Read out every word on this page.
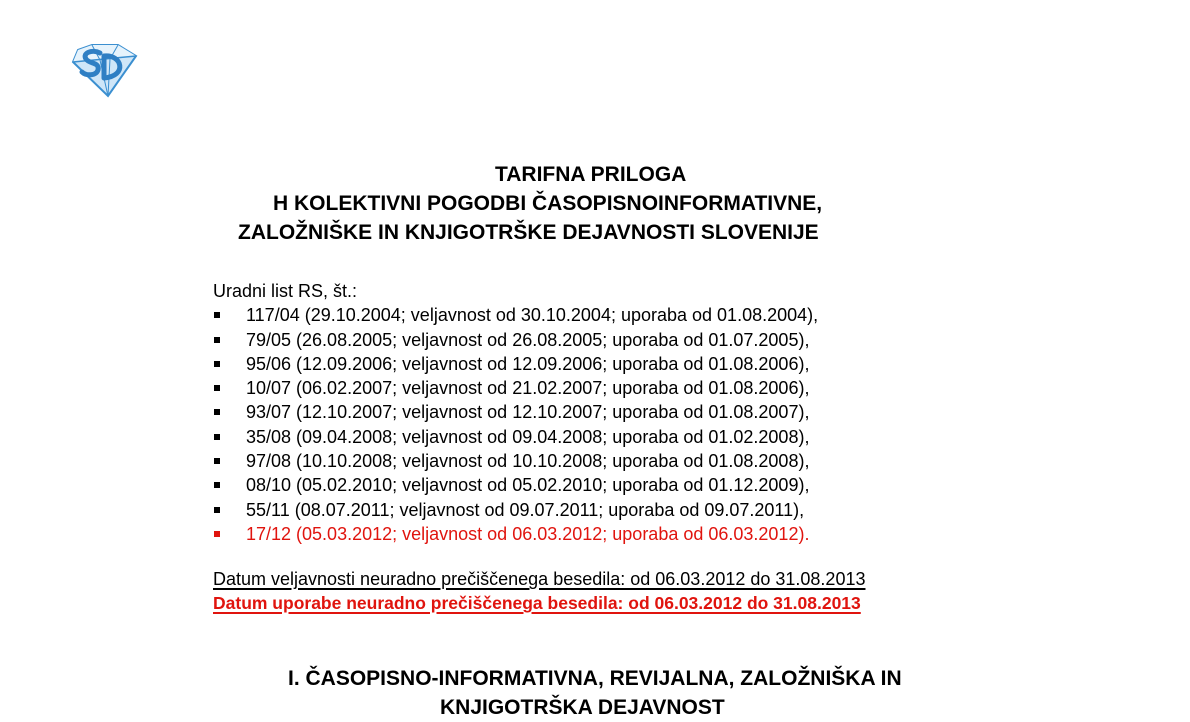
TARIFNA PRILOGA
H KOLEKTIVNI POGODBI ČASOPISNOINFORMATIVNE,
ZALOŽNIŠKE IN KNJIGOTRŠKE DEJAVNOSTI SLOVENIJE
Uradni list RS, št.:
117/04 (29.10.2004; veljavnost od 30.10.2004; uporaba od 01.08.2004),
79/05 (26.08.2005; veljavnost od 26.08.2005; uporaba od 01.07.2005),
95/06 (12.09.2006; veljavnost od 12.09.2006; uporaba od 01.08.2006),
10/07 (06.02.2007; veljavnost od 21.02.2007; uporaba od 01.08.2006),
93/07 (12.10.2007; veljavnost od 12.10.2007; uporaba od 01.08.2007),
35/08 (09.04.2008; veljavnost od 09.04.2008; uporaba od 01.02.2008),
97/08 (10.10.2008; veljavnost od 10.10.2008; uporaba od 01.08.2008),
08/10 (05.02.2010; veljavnost od 05.02.2010; uporaba od 01.12.2009),
55/11 (08.07.2011; veljavnost od 09.07.2011; uporaba od 09.07.2011),
17/12 (05.03.2012; veljavnost od 06.03.2012; uporaba od 06.03.2012).
Datum veljavnosti neuradno prečiščenega besedila: od 06.03.2012 do 31.08.2013
Datum uporabe neuradno prečiščenega besedila: od 06.03.2012 do 31.08.2013
I. ČASOPISNO-INFORMATIVNA, REVIJALNA, ZALOŽNIŠKA IN
KNJIGOTRŠKA DEJAVNOST
